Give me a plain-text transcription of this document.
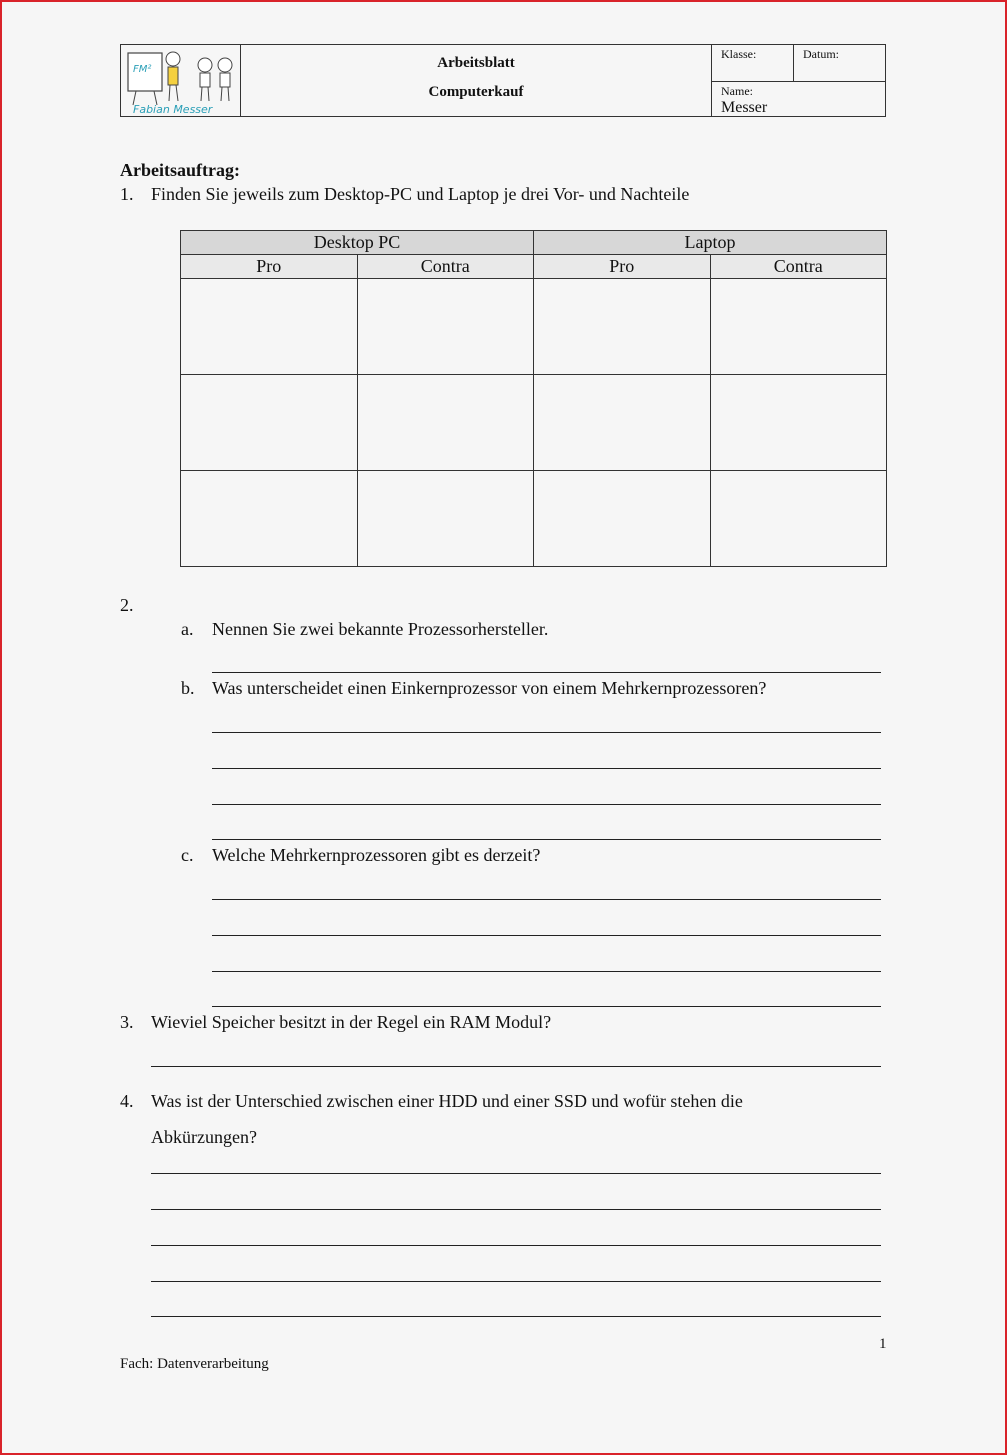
FM²
Fabian Messer
Arbeitsblatt
Computerkauf
Klasse:	Datum:
Name:
Messer
Arbeitsauftrag:
1. Finden Sie jeweils zum Desktop-PC und Laptop je drei Vor- und Nachteile
Desktop PC		Laptop	
Pro	Contra	Pro	Contra

2.
a. Nennen Sie zwei bekannte Prozessorhersteller.
b. Was unterscheidet einen Einkernprozessor von einem Mehrkernprozessoren?
c. Welche Mehrkernprozessoren gibt es derzeit?
3. Wieviel Speicher besitzt in der Regel ein RAM Modul?
4. Was ist der Unterschied zwischen einer HDD und einer SSD und wofür stehen die
Abkürzungen?
1
Fach: Datenverarbeitung
